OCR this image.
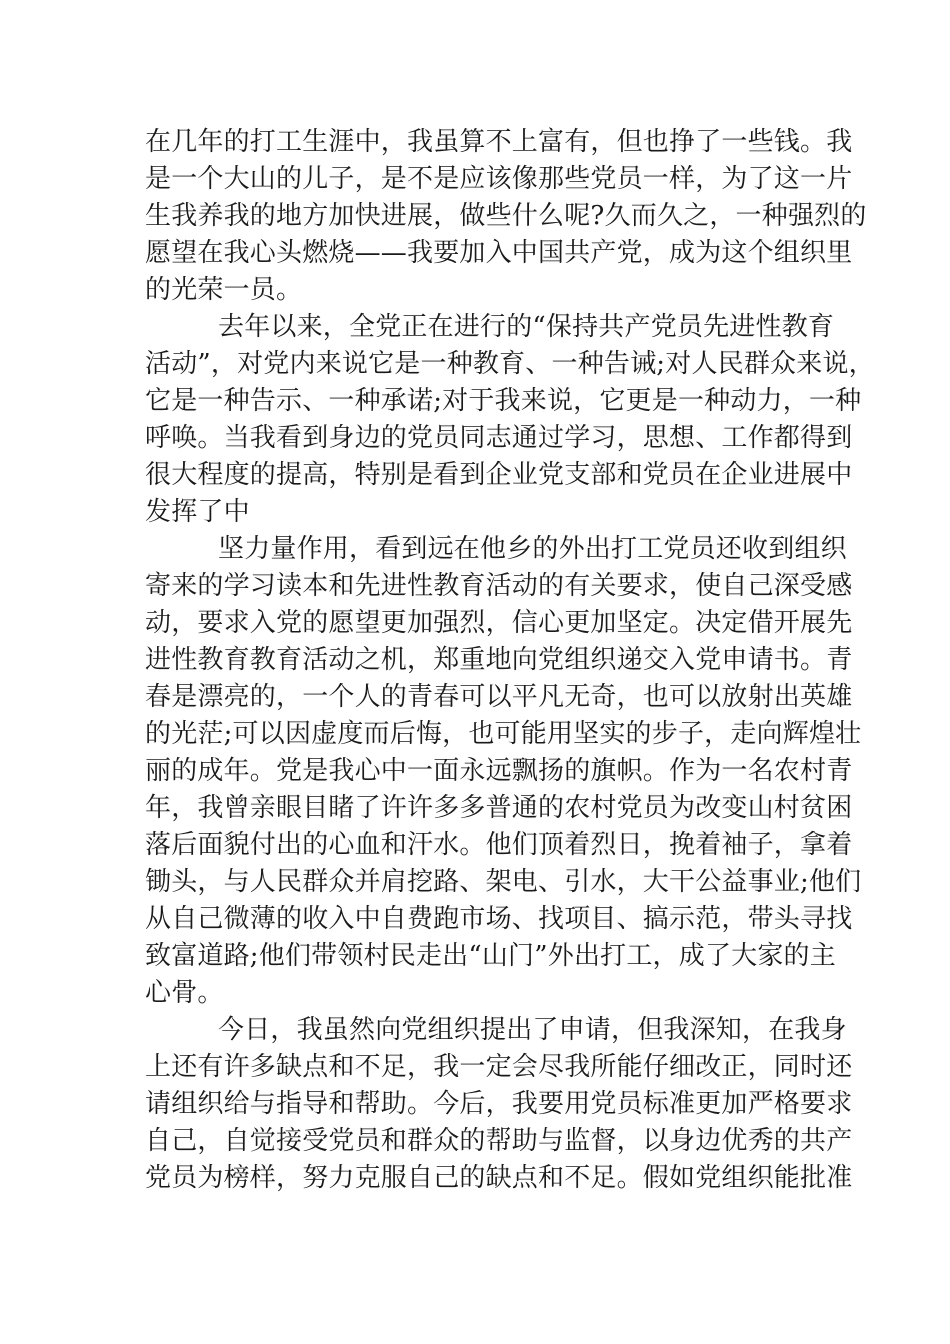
在几年的打工生涯中，我虽算不上富有，但也挣了一些钱。我

是一个大山的儿子，是不是应该像那些党员一样，为了这一片

生我养我的地方加快进展，做些什么呢?久而久之，一种强烈的

愿望在我心头燃烧——我要加入中国共产党，成为这个组织里

的光荣一员。

去年以来，全党正在进行的“保持共产党员先进性教育

活动”，对党内来说它是一种教育、一种告诫;对人民群众来说，

它是一种告示、一种承诺;对于我来说，它更是一种动力，一种

呼唤。当我看到身边的党员同志通过学习，思想、工作都得到

很大程度的提高，特别是看到企业党支部和党员在企业进展中

发挥了中

坚力量作用，看到远在他乡的外出打工党员还收到组织

寄来的学习读本和先进性教育活动的有关要求，使自己深受感

动，要求入党的愿望更加强烈，信心更加坚定。决定借开展先

进性教育教育活动之机，郑重地向党组织递交入党申请书。青

春是漂亮的，一个人的青春可以平凡无奇，也可以放射出英雄

的光茫;可以因虚度而后悔，也可能用坚实的步子，走向辉煌壮

丽的成年。党是我心中一面永远飘扬的旗帜。作为一名农村青

年，我曾亲眼目睹了许许多多普通的农村党员为改变山村贫困

落后面貌付出的心血和汗水。他们顶着烈日，挽着袖子，拿着

锄头，与人民群众并肩挖路、架电、引水，大干公益事业;他们

从自己微薄的收入中自费跑市场、找项目、搞示范，带头寻找

致富道路;他们带领村民走出“山门”外出打工，成了大家的主

心骨。

今日，我虽然向党组织提出了申请，但我深知，在我身

上还有许多缺点和不足，我一定会尽我所能仔细改正，同时还

请组织给与指导和帮助。今后，我要用党员标准更加严格要求

自己，自觉接受党员和群众的帮助与监督，以身边优秀的共产

党员为榜样，努力克服自己的缺点和不足。假如党组织能批准
